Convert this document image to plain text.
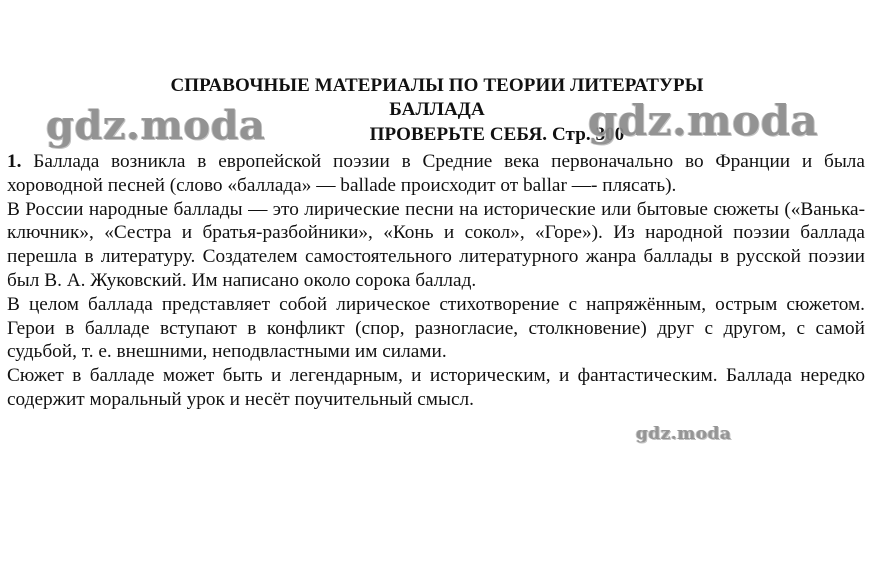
СПРАВОЧНЫЕ МАТЕРИАЛЫ ПО ТЕОРИИ ЛИТЕРАТУРЫ
БАЛЛАДА
ПРОВЕРЬТЕ СЕБЯ. Стр. 300

1. Баллада возникла в европейской поэзии в Средние века первоначально во Франции и была хороводной песней (слово «баллада» — ballade происходит от ballar —- плясать).

В России народные баллады — это лирические песни на исторические или бытовые сюжеты («Ванька-ключник», «Сестра и братья-разбойники», «Конь и сокол», «Горе»). Из народной поэзии баллада перешла в литературу. Создателем самостоятельного литературного жанра баллады в русской поэзии был В. А. Жуковский. Им написано около сорока баллад.

В целом баллада представляет собой лирическое стихотворение с напряжённым, острым сюжетом. Герои в балладе вступают в конфликт (спор, разногласие, столкновение) друг с другом, с самой судьбой, т. е. внешними, неподвластными им силами.

Сюжет в балладе может быть и легендарным, и историческим, и фантастическим. Баллада нередко содержит моральный урок и несёт поучительный смысл.

gdz.moda	gdz.moda
gdz.moda
